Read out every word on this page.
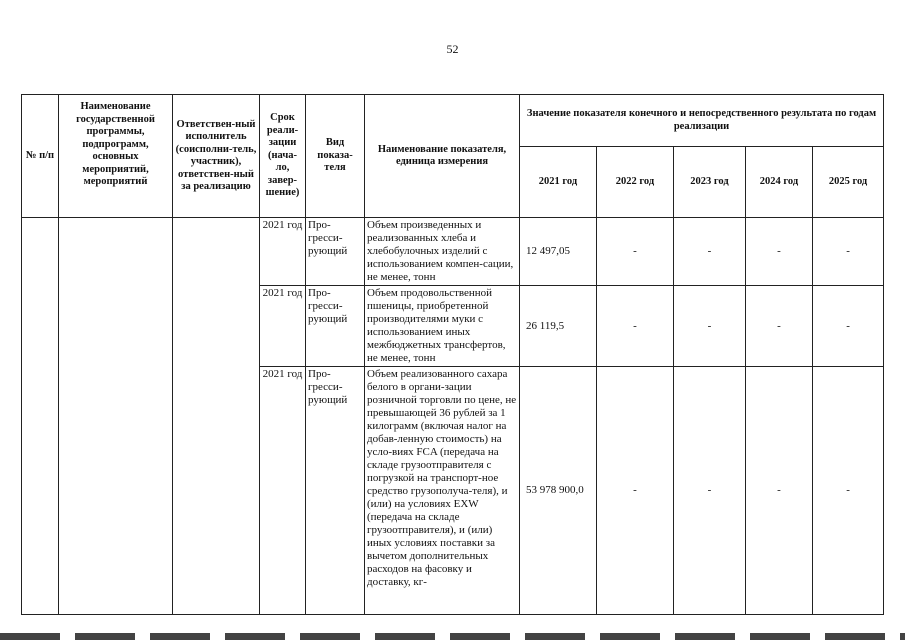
52
№ п/п	Наименование государственной программы, подпрограмм, основных мероприятий, мероприятий	Ответствен-ный исполнитель (соисполни-тель, участник), ответствен-ный за реализацию	Срок реали-зации (нача-ло, завер-шение)	Вид показа-теля	Наименование показателя, единица измерения	Значение показателя конечного и непосредственного результата по годам реализации				
						2021 год	2022 год	2023 год	2024 год	2025 год
			2021 год	Про-гресси-рующий	Объем произведенных и реализованных хлеба и хлебобулочных изделий с использованием компен-сации, не менее, тонн	12 497,05	-	-	-	-
			2021 год	Про-гресси-рующий	Объем продовольственной пшеницы, приобретенной производителями муки с использованием иных межбюджетных трансфертов, не менее, тонн	26 119,5	-	-	-	-
			2021 год	Про-гресси-рующий	Объем реализованного сахара белого в органи-зации розничной торговли по цене, не превышающей 36 рублей за 1 килограмм (включая налог на добав-ленную стоимость) на усло-виях FCA (передача на складе грузоотправителя с погрузкой на транспорт-ное средство грузополуча-теля), и (или) на условиях EXW (передача на складе грузоотправителя), и (или) иных условиях поставки за вычетом дополнительных расходов на фасовку и доставку, кг-	53 978 900,0	-	-	-	-
